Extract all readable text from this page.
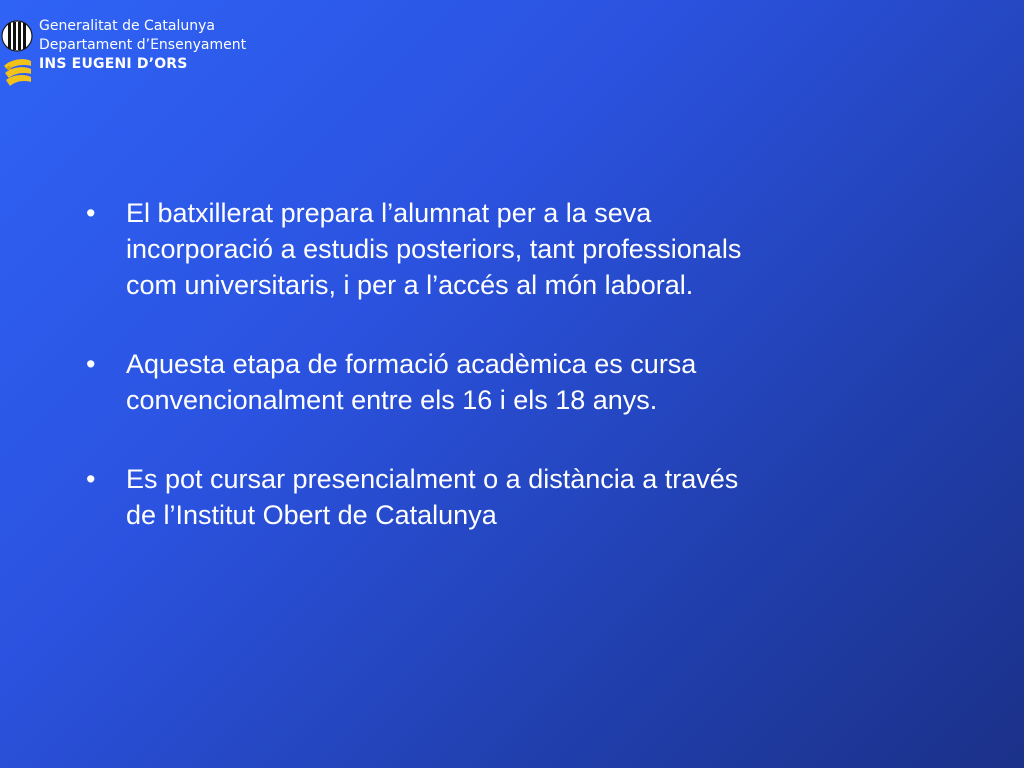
Generalitat de Catalunya
Departament d’Ensenyament
INS EUGENI D’ORS
• El batxillerat prepara l’alumnat per a la seva
incorporació a estudis posteriors, tant professionals
com universitaris, i per a l’accés al món laboral.
• Aquesta etapa de formació acadèmica es cursa
convencionalment entre els 16 i els 18 anys.
• Es pot cursar presencialment o a distància a través
de l’Institut Obert de Catalunya
